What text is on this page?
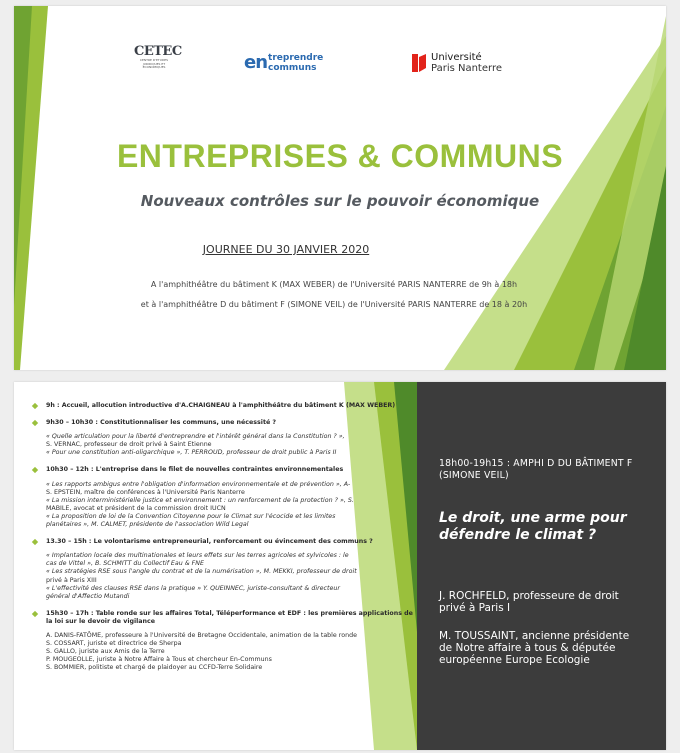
CETEC
CENTRE D'ETUDES JURIDIQUES ET ECONOMIQUES	en treprendre
communs
Université
Paris Nanterre
ENTREPRISES & COMMUNS
Nouveaux contrôles sur le pouvoir économique
JOURNEE DU 30 JANVIER 2020
A l'amphithéâtre du bâtiment K (MAX WEBER) de l'Université PARIS NANTERRE de 9h à 18h
et à l'amphithéâtre D du bâtiment F (SIMONE VEIL) de l'Université PARIS NANTERRE de 18 à 20h
9h : Accueil, allocution introductive d'A.CHAIGNEAU à l'amphithéâtre du bâtiment K (MAX WEBER)
9h30 – 10h30 : Constitutionnaliser les communs, une nécessité ?
« Quelle articulation pour la liberté d'entreprendre et l'intérêt général dans la Constitution ? »,
S. VERNAC, professeur de droit privé à Saint Etienne
« Pour une constitution anti-oligarchique », T. PERROUD, professeur de droit public à Paris II
10h30 – 12h : L'entreprise dans le filet de nouvelles contraintes environnementales
« Les rapports ambigus entre l'obligation d'information environnementale et de prévention », A-
S. EPSTEIN, maître de conférences à l'Université Paris Nanterre
« La mission interministérielle justice et environnement : un renforcement de la protection ? », S.
MABILE, avocat et président de la commission droit IUCN
« La proposition de loi de la Convention Citoyenne pour le Climat sur l'écocide et les limites
planétaires », M. CALMET, présidente de l'association Wild Legal
13.30 – 15h : Le volontarisme entrepreneurial, renforcement ou évincement des communs ?
« Implantation locale des multinationales et leurs effets sur les terres agricoles et sylvicoles : le
cas de Vittel », B. SCHMITT du Collectif Eau & FNE
« Les stratégies RSE sous l'angle du contrat et de la numérisation », M. MEKKI, professeur de droit
privé à Paris XIII
« L'effectivité des clauses RSE dans la pratique » Y. QUEINNEC, juriste-consultant & directeur
général d'Affectio Mutandi
15h30 – 17h : Table ronde sur les affaires Total, Téléperformance et EDF : les premières applications de la loi sur le devoir de vigilance
A. DANIS-FATÔME, professeure à l'Université de Bretagne Occidentale, animation de la table ronde
S. COSSART, juriste et directrice de Sherpa
S. GALLO, juriste aux Amis de la Terre
P. MOUGEOLLE, juriste à Notre Affaire à Tous et chercheur En-Communs
S. BOMMIER, politiste et chargé de plaidoyer au CCFD-Terre Solidaire
18h00-19h15 : AMPHI D DU BÂTIMENT F (SIMONE VEIL)
Le droit, une arme pour défendre le climat ?
J. ROCHFELD, professeure de droit privé à Paris I
M. TOUSSAINT, ancienne présidente de Notre affaire à tous & députée européenne Europe Ecologie
